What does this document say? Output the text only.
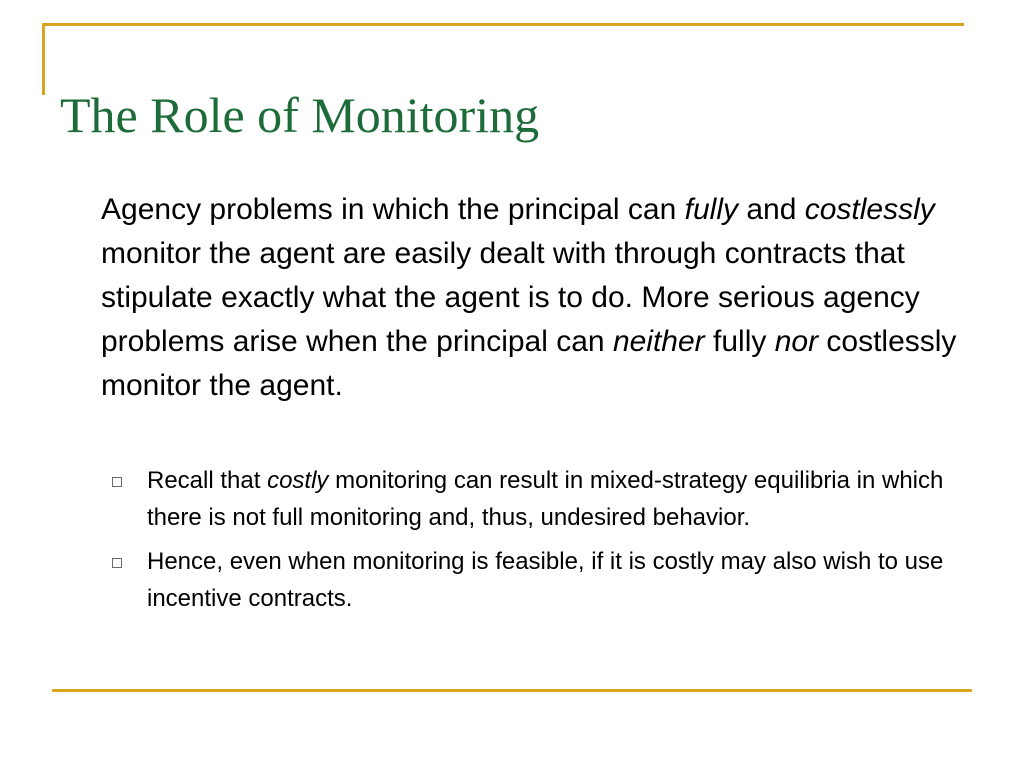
The Role of Monitoring

Agency problems in which the principal can fully and costlessly monitor the agent are easily dealt with through contracts that stipulate exactly what the agent is to do. More serious agency problems arise when the principal can neither fully nor costlessly monitor the agent.

Recall that costly monitoring can result in mixed-strategy equilibria in which there is not full monitoring and, thus, undesired behavior.
Hence, even when monitoring is feasible, if it is costly may also wish to use incentive contracts.
